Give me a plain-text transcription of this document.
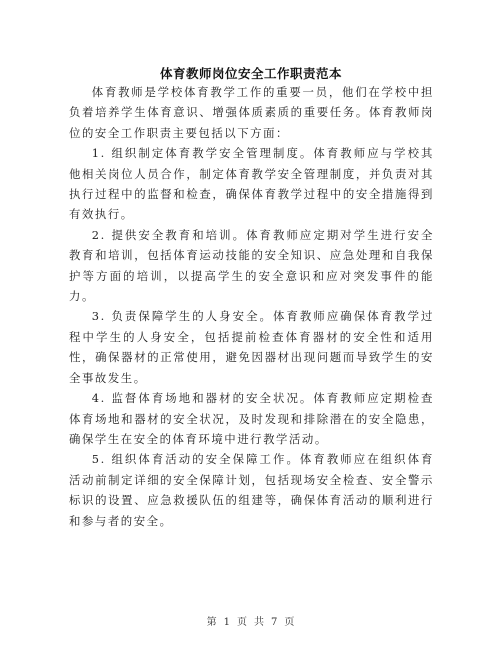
体育教师岗位安全工作职责范本

体育教师是学校体育教学工作的重要一员，他们在学校中担负着培养学生体育意识、增强体质素质的重要任务。体育教师岗位的安全工作职责主要包括以下方面：

1. 组织制定体育教学安全管理制度。体育教师应与学校其他相关岗位人员合作，制定体育教学安全管理制度，并负责对其执行过程中的监督和检查，确保体育教学过程中的安全措施得到有效执行。

2. 提供安全教育和培训。体育教师应定期对学生进行安全教育和培训，包括体育运动技能的安全知识、应急处理和自我保护等方面的培训，以提高学生的安全意识和应对突发事件的能力。

3. 负责保障学生的人身安全。体育教师应确保体育教学过程中学生的人身安全，包括提前检查体育器材的安全性和适用性，确保器材的正常使用，避免因器材出现问题而导致学生的安全事故发生。

4. 监督体育场地和器材的安全状况。体育教师应定期检查体育场地和器材的安全状况，及时发现和排除潜在的安全隐患，确保学生在安全的体育环境中进行教学活动。

5. 组织体育活动的安全保障工作。体育教师应在组织体育活动前制定详细的安全保障计划，包括现场安全检查、安全警示标识的设置、应急救援队伍的组建等，确保体育活动的顺利进行和参与者的安全。

第 1 页 共 7 页
